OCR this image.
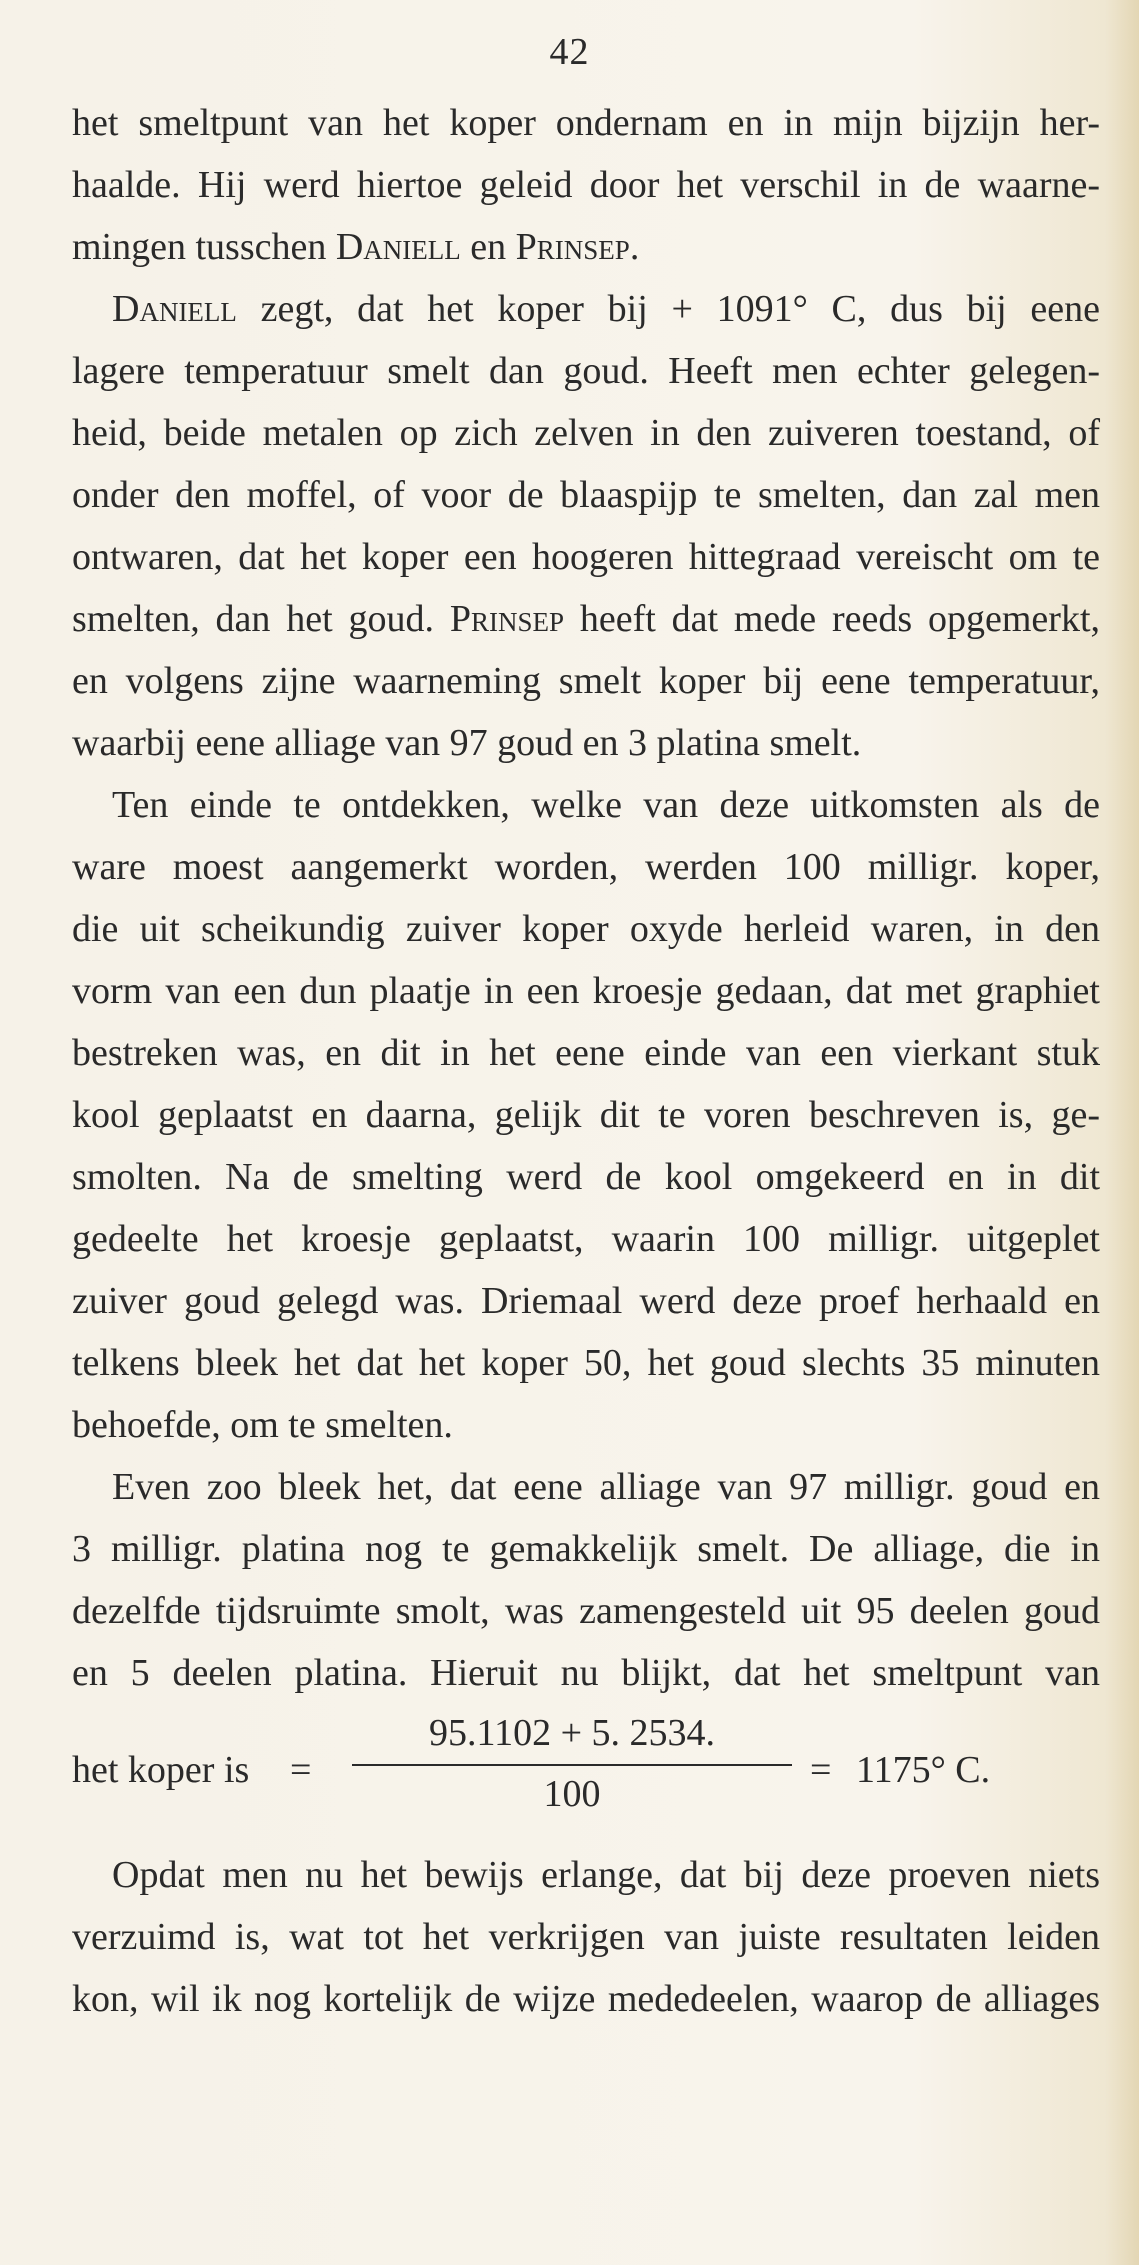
42
het smeltpunt van het koper ondernam en in mijn bijzijn her-
haalde. Hij werd hiertoe geleid door het verschil in de waarne-
mingen tusschen Daniell en Prinsep.
Daniell zegt, dat het koper bij + 1091° C, dus bij eene
lagere temperatuur smelt dan goud. Heeft men echter gelegen-
heid, beide metalen op zich zelven in den zuiveren toestand, of
onder den moffel, of voor de blaaspijp te smelten, dan zal men
ontwaren, dat het koper een hoogeren hittegraad vereischt om te
smelten, dan het goud. Prinsep heeft dat mede reeds opgemerkt,
en volgens zijne waarneming smelt koper bij eene temperatuur,
waarbij eene alliage van 97 goud en 3 platina smelt.
Ten einde te ontdekken, welke van deze uitkomsten als de
ware moest aangemerkt worden, werden 100 milligr. koper,
die uit scheikundig zuiver koper oxyde herleid waren, in den
vorm van een dun plaatje in een kroesje gedaan, dat met graphiet
bestreken was, en dit in het eene einde van een vierkant stuk
kool geplaatst en daarna, gelijk dit te voren beschreven is, ge-
smolten. Na de smelting werd de kool omgekeerd en in dit
gedeelte het kroesje geplaatst, waarin 100 milligr. uitgeplet
zuiver goud gelegd was. Driemaal werd deze proef herhaald en
telkens bleek het dat het koper 50, het goud slechts 35 minuten
behoefde, om te smelten.
Even zoo bleek het, dat eene alliage van 97 milligr. goud en
3 milligr. platina nog te gemakkelijk smelt. De alliage, die in
dezelfde tijdsruimte smolt, was zamengesteld uit 95 deelen goud
en 5 deelen platina. Hieruit nu blijkt, dat het smeltpunt van
het koper is =
95.1102 + 5. 2534.
100
= 1175° C.
Opdat men nu het bewijs erlange, dat bij deze proeven niets
verzuimd is, wat tot het verkrijgen van juiste resultaten leiden
kon, wil ik nog kortelijk de wijze mededeelen, waarop de alliages
